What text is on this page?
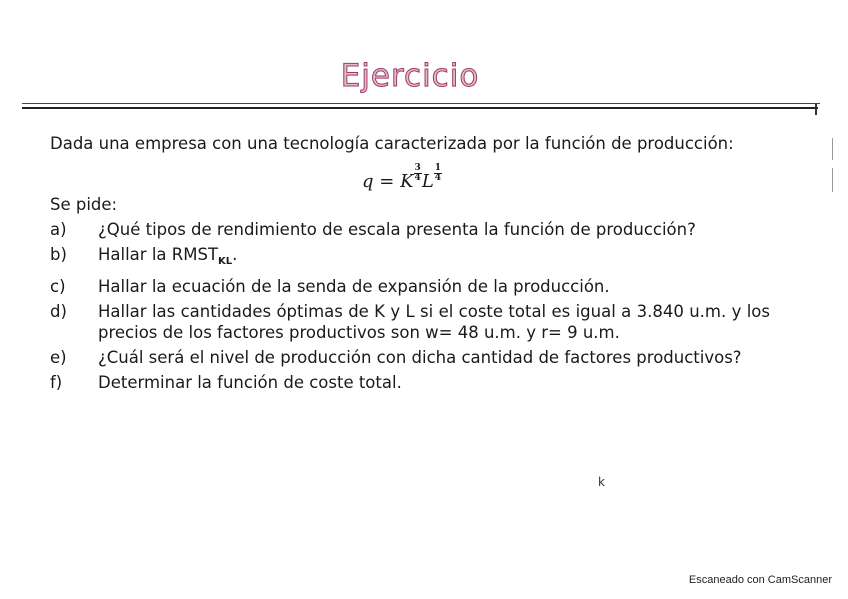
Ejercicio

Dada una empresa con una tecnología caracterizada por la función de producción:

q = K $\frac{3}{4}$ L $\frac{1}{4}$

Se pide:

a) ¿Qué tipos de rendimiento de escala presenta la función de producción?
b) Hallar la $RMST_{KL}$.
c) Hallar la ecuación de la senda de expansión de la producción.
d) Hallar las cantidades óptimas de K y L si el coste total es igual a 3.840 u.m. y los precios de los factores productivos son w= 48 u.m. y r= 9 u.m.
e) ¿Cuál será el nivel de producción con dicha cantidad de factores productivos?
f) Determinar la función de coste total.
k
Escaneado con CamScanner
